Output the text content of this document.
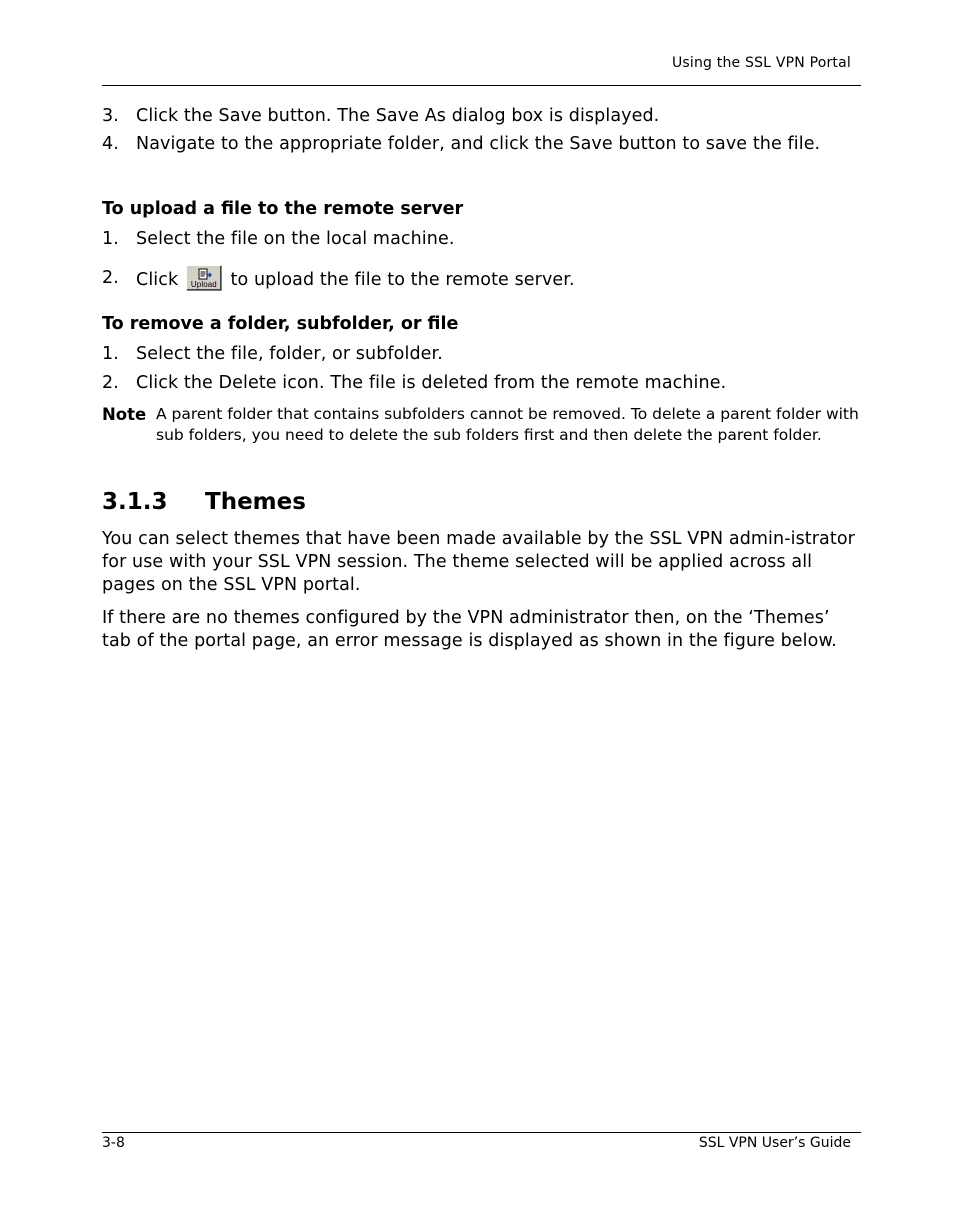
Using the SSL VPN Portal
3. Click the Save button. The Save As dialog box is displayed.
4. Navigate to the appropriate folder, and click the Save button to save the file.
To upload a file to the remote server
1. Select the file on the local machine.
2. Click	Upload to upload the file to the remote server.
To remove a folder, subfolder, or file
1. Select the file, folder, or subfolder.
2. Click the Delete icon. The file is deleted from the remote machine.
Note A parent folder that contains subfolders cannot be removed. To delete a parent folder with sub folders, you need to delete the sub folders first and then delete the parent folder.
3.1.3 Themes
You can select themes that have been made available by the SSL VPN admin-istrator for use with your SSL VPN session. The theme selected will be applied across all pages on the SSL VPN portal.
If there are no themes configured by the VPN administrator then, on the ‘Themes’ tab of the portal page, an error message is displayed as shown in the figure below.
3-8	SSL VPN User’s Guide
